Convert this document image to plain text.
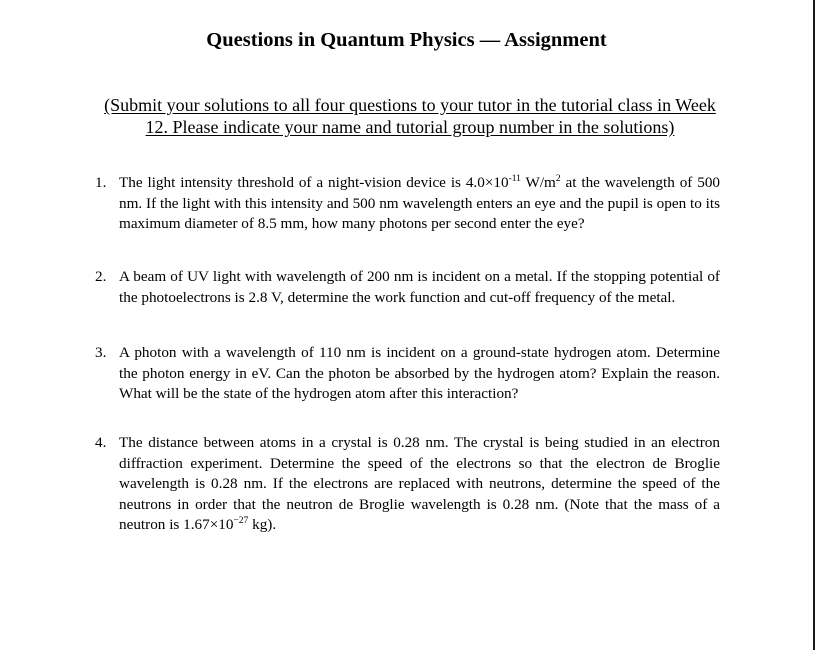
Questions in Quantum Physics — Assignment

(Submit your solutions to all four questions to your tutor in the tutorial class in Week 12. Please indicate your name and tutorial group number in the solutions)

1. The light intensity threshold of a night-vision device is $4.0\times 10^{-11}$ $W/m^2$ at the wavelength of 500 nm. If the light with this intensity and 500 nm wavelength enters an eye and the pupil is open to its maximum diameter of 8.5 mm, how many photons per second enter the eye?
2. A beam of UV light with wavelength of 200 nm is incident on a metal. If the stopping potential of the photoelectrons is 2.8 V, determine the work function and cut-off frequency of the metal.
3. A photon with a wavelength of 110 nm is incident on a ground-state hydrogen atom. Determine the photon energy in eV. Can the photon be absorbed by the hydrogen atom? Explain the reason. What will be the state of the hydrogen atom after this interaction?
4. The distance between atoms in a crystal is 0.28 nm. The crystal is being studied in an electron diffraction experiment. Determine the speed of the electrons so that the electron de Broglie wavelength is 0.28 nm. If the electrons are replaced with neutrons, determine the speed of the neutrons in order that the neutron de Broglie wavelength is 0.28 nm. (Note that the mass of a neutron is $1.67\times 10^{-27}$ kg).
